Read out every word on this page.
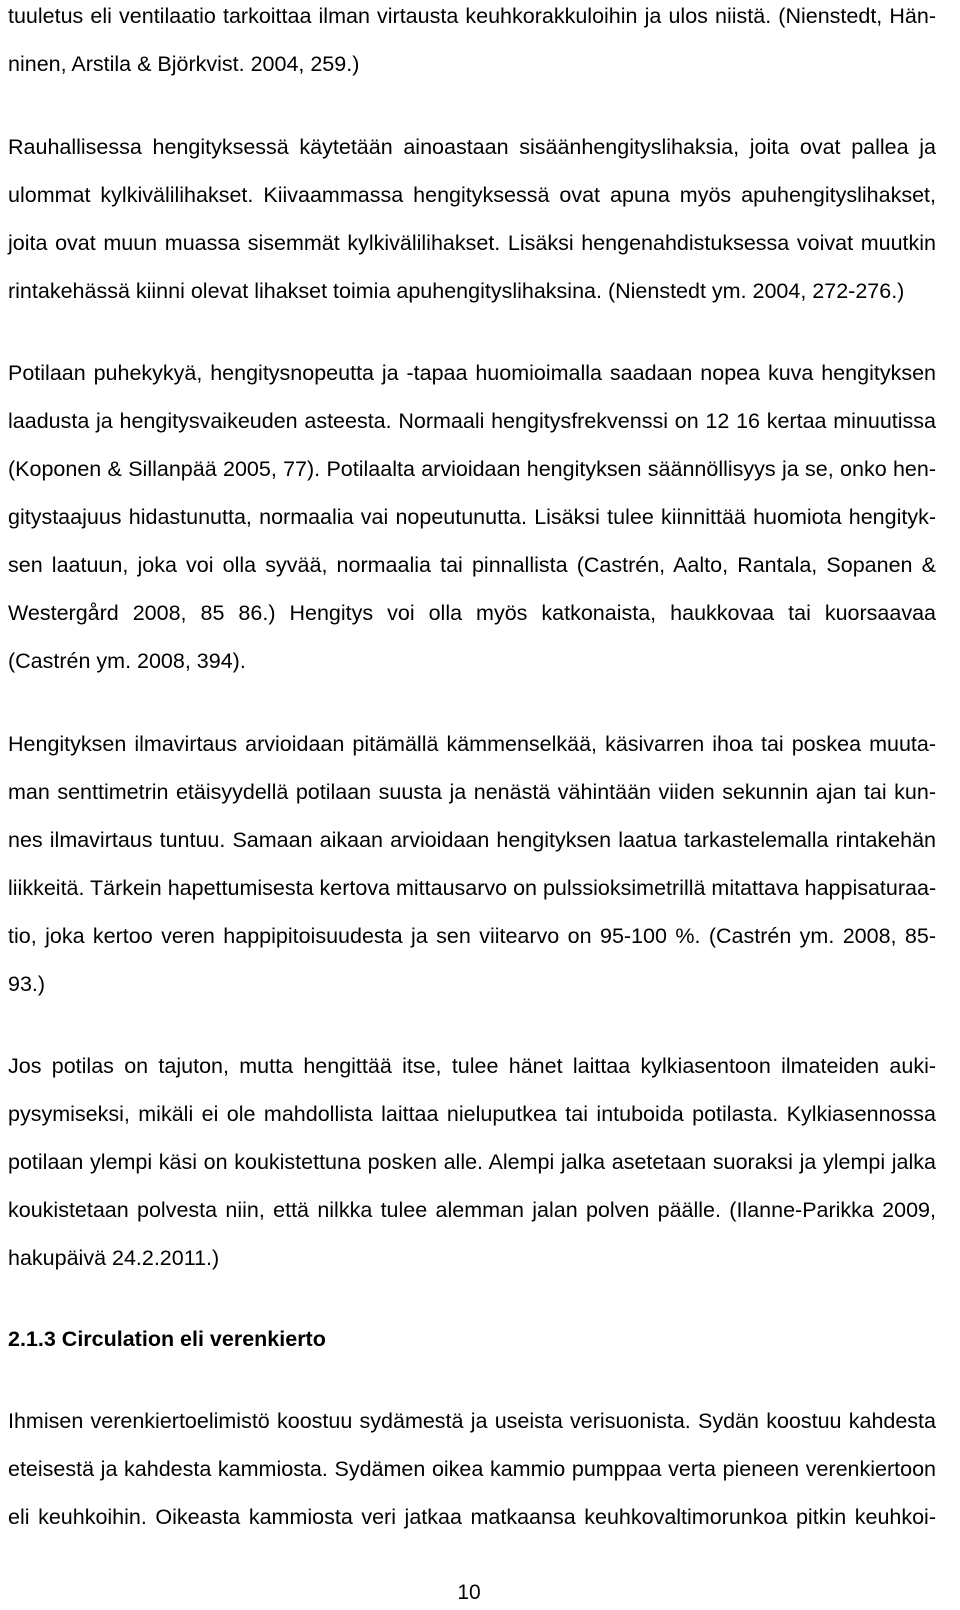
tuuletus eli ventilaatio tarkoittaa ilman virtausta keuhkorakkuloihin ja ulos niistä. (Nienstedt, Hän-

ninen, Arstila & Björkvist. 2004, 259.)

Rauhallisessa hengityksessä käytetään ainoastaan sisäänhengityslihaksia, joita ovat pallea ja

ulommat kylkivälilihakset. Kiivaammassa hengityksessä ovat apuna myös apuhengityslihakset,

joita ovat muun muassa sisemmät kylkivälilihakset. Lisäksi hengenahdistuksessa voivat muutkin

rintakehässä kiinni olevat lihakset toimia apuhengityslihaksina. (Nienstedt ym. 2004, 272-276.)

Potilaan puhekykyä, hengitysnopeutta ja -tapaa huomioimalla saadaan nopea kuva hengityksen

laadusta ja hengitysvaikeuden asteesta. Normaali hengitysfrekvenssi on 12 16 kertaa minuutissa

(Koponen & Sillanpää 2005, 77). Potilaalta arvioidaan hengityksen säännöllisyys ja se, onko hen-

gitystaajuus hidastunutta, normaalia vai nopeutunutta. Lisäksi tulee kiinnittää huomiota hengityk-

sen laatuun, joka voi olla syvää, normaalia tai pinnallista (Castrén, Aalto, Rantala, Sopanen &

Westergård 2008, 85 86.) Hengitys voi olla myös katkonaista, haukkovaa tai kuorsaavaa

(Castrén ym. 2008, 394).

Hengityksen ilmavirtaus arvioidaan pitämällä kämmenselkää, käsivarren ihoa tai poskea muuta-

man senttimetrin etäisyydellä potilaan suusta ja nenästä vähintään viiden sekunnin ajan tai kun-

nes ilmavirtaus tuntuu. Samaan aikaan arvioidaan hengityksen laatua tarkastelemalla rintakehän

liikkeitä. Tärkein hapettumisesta kertova mittausarvo on pulssioksimetrillä mitattava happisaturaa-

tio, joka kertoo veren happipitoisuudesta ja sen viitearvo on 95-100 %. (Castrén ym. 2008, 85-

93.)

Jos potilas on tajuton, mutta hengittää itse, tulee hänet laittaa kylkiasentoon ilmateiden auki-

pysymiseksi, mikäli ei ole mahdollista laittaa nieluputkea tai intuboida potilasta. Kylkiasennossa

potilaan ylempi käsi on koukistettuna posken alle. Alempi jalka asetetaan suoraksi ja ylempi jalka

koukistetaan polvesta niin, että nilkka tulee alemman jalan polven päälle. (Ilanne-Parikka 2009,

hakupäivä 24.2.2011.)

2.1.3 Circulation eli verenkierto

Ihmisen verenkiertoelimistö koostuu sydämestä ja useista verisuonista. Sydän koostuu kahdesta

eteisestä ja kahdesta kammiosta. Sydämen oikea kammio pumppaa verta pieneen verenkiertoon

eli keuhkoihin. Oikeasta kammiosta veri jatkaa matkaansa keuhkovaltimorunkoa pitkin keuhkoi-

10
